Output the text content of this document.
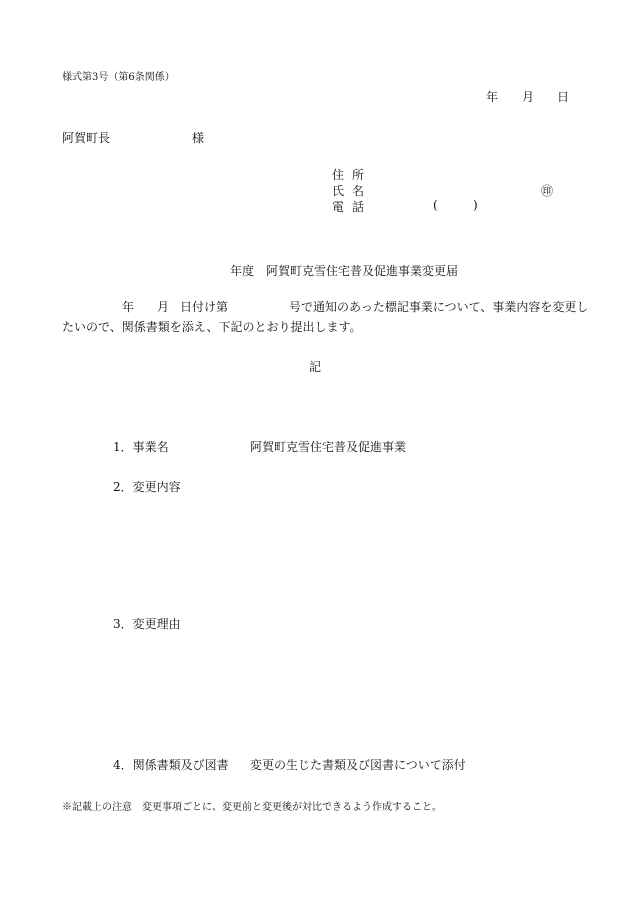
様式第3号（第6条関係）
年 月 日
阿賀町長	様
住所
氏名	㊞
電話	(	)
年度　阿賀町克雪住宅普及促進事業変更届
年 月 日付け第	号で通知のあった標記事業について、事業内容を変更し
たいので、関係書類を添え、下記のとおり提出します。
記
1．事業名	阿賀町克雪住宅普及促進事業
2．変更内容
3．変更理由
4．関係書類及び図書 変更の生じた書類及び図書について添付
※記載上の注意　変更事項ごとに、変更前と変更後が対比できるよう作成すること。
